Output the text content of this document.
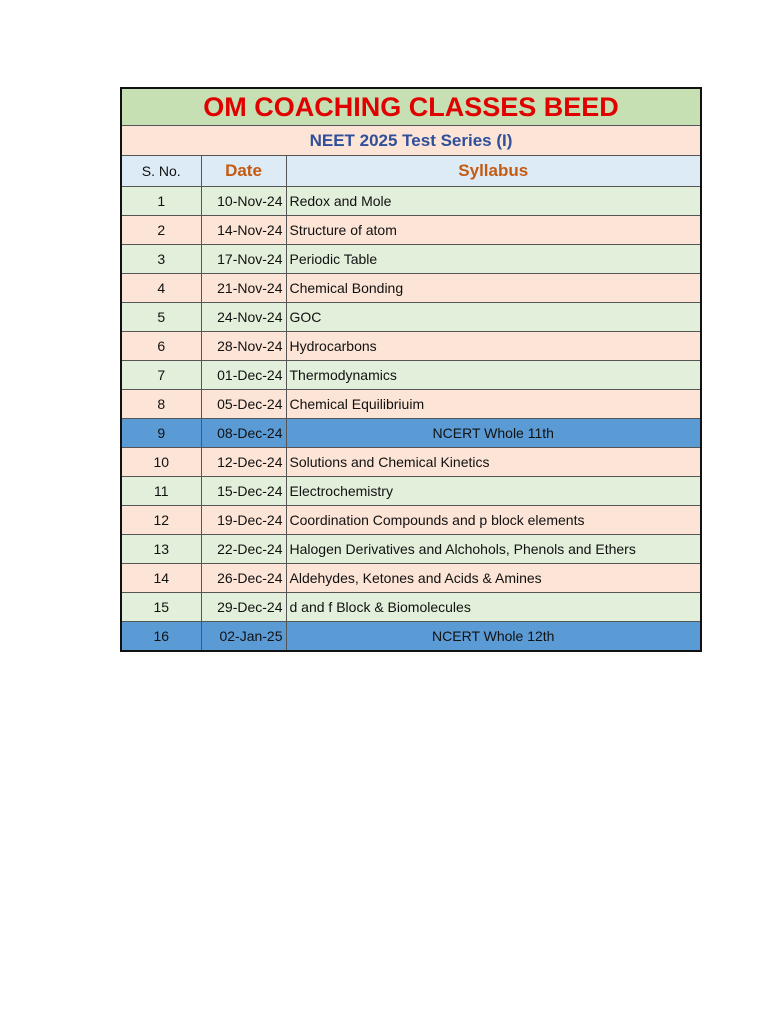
OM COACHING CLASSES BEED		
NEET 2025 Test Series (I)		
S. No.	Date	Syllabus
1	10-Nov-24	Redox and Mole
2	14-Nov-24	Structure of atom
3	17-Nov-24	Periodic Table
4	21-Nov-24	Chemical Bonding
5	24-Nov-24	GOC
6	28-Nov-24	Hydrocarbons
7	01-Dec-24	Thermodynamics
8	05-Dec-24	Chemical Equilibriuim
9	08-Dec-24	NCERT Whole 11th
10	12-Dec-24	Solutions and Chemical Kinetics
11	15-Dec-24	Electrochemistry
12	19-Dec-24	Coordination Compounds and p block elements
13	22-Dec-24	Halogen Derivatives and Alchohols, Phenols and Ethers
14	26-Dec-24	Aldehydes, Ketones and Acids & Amines
15	29-Dec-24	d and f Block & Biomolecules
16	02-Jan-25	NCERT Whole 12th
